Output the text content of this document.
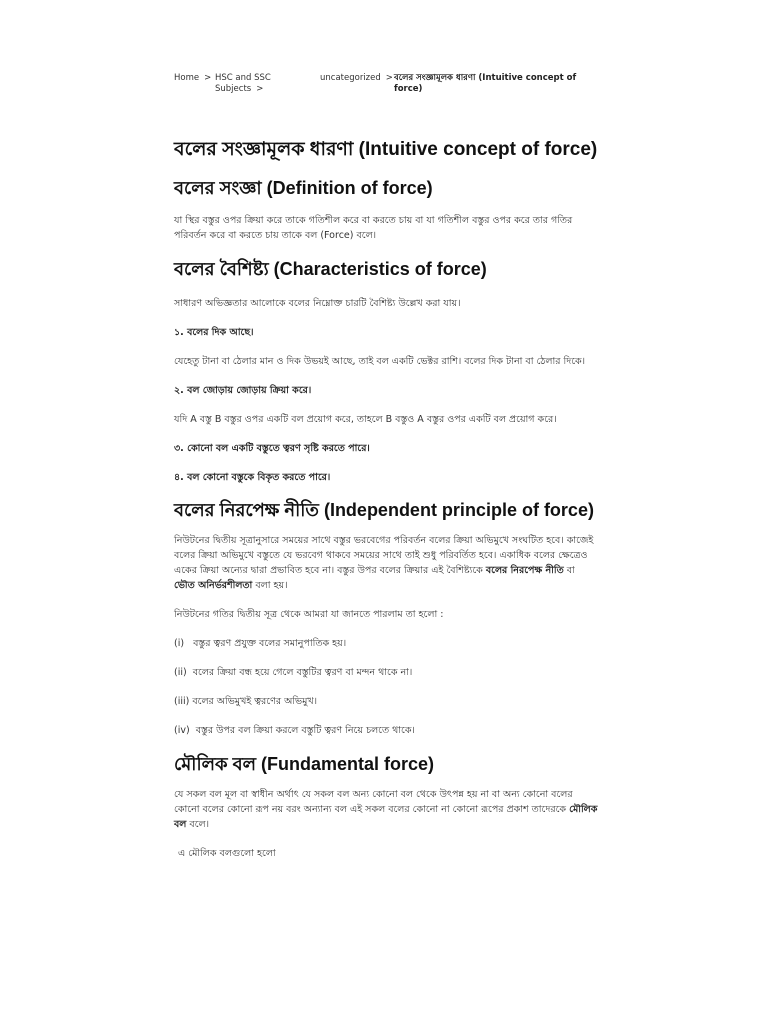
Home > HSC and SSC Subjects >
uncategorized > বলের সংজ্ঞামূলক ধারণা (Intuitive concept of force)
বলের সংজ্ঞামূলক ধারণা (Intuitive concept of force)
বলের সংজ্ঞা (Definition of force)

যা স্থির বস্তুর ওপর ক্রিয়া করে তাকে গতিশীল করে বা করতে চায় বা যা গতিশীল বস্তুর ওপর করে তার গতির পরিবর্তন করে বা করতে চায় তাকে বল (Force) বলে।

বলের বৈশিষ্ট্য (Characteristics of force)

সাধারণ অভিজ্ঞতার আলোকে বলের নিম্নোক্ত চারটি বৈশিষ্ট্য উল্লেখ করা যায়।

১. বলের দিক আছে।

যেহেতু টানা বা ঠেলার মান ও দিক উভয়ই আছে, তাই বল একটি ভেক্টর রাশি। বলের দিক টানা বা ঠেলার দিকে।

২. বল জোড়ায় জোড়ায় ক্রিয়া করে।

যদি A বস্তু B বস্তুর ওপর একটি বল প্রয়োগ করে, তাহলে B বস্তুও A বস্তুর ওপর একটি বল প্রয়োগ করে।

৩. কোনো বল একটি বস্তুতে ত্বরণ সৃষ্টি করতে পারে।

৪. বল কোনো বস্তুকে বিকৃত করতে পারে।

বলের নিরপেক্ষ নীতি (Independent principle of force)

নিউটনের দ্বিতীয় সূত্রানুসারে সময়ের সাথে বস্তুর ভরবেগের পরিবর্তন বলের ক্রিয়া অভিমুখে সংঘটিত হবে। কাজেই বলের ক্রিয়া অভিমুখে বস্তুতে যে ভরবেগ থাকবে সময়ের সাথে তাই শুধু পরিবর্তিত হবে। একাধিক বলের ক্ষেত্রেও একের ক্রিয়া অন্যের দ্বারা প্রভাবিত হবে না। বস্তুর উপর বলের ক্রিয়ার এই বৈশিষ্ট্যকে বলের নিরপেক্ষ নীতি বা ভৌত অনির্ভরশীলতা বলা হয়।

নিউটনের গতির দ্বিতীয় সূত্র থেকে আমরা যা জানতে পারলাম তা হলো :

(i)   বস্তুর ত্বরণ প্রযুক্ত বলের সমানুপাতিক হয়।

(ii)  বলের ক্রিয়া বন্ধ হয়ে গেলে বস্তুটির ত্বরণ বা মন্দন থাকে না।

(iii) বলের অভিমুখই ত্বরণের অভিমুখ।

(iv)  বস্তুর উপর বল ক্রিয়া করলে বস্তুটি ত্বরণ নিয়ে চলতে থাকে।

মৌলিক বল (Fundamental force)

যে সকল বল মূল বা স্বাধীন অর্থাৎ যে সকল বল অন্য কোনো বল থেকে উৎপন্ন হয় না বা অন্য কোনো বলের কোনো বলের কোনো রূপ নয় বরং অন্যান্য বল এই সকল বলের কোনো না কোনো রূপের প্রকাশ তাদেরকে মৌলিক বল বলে।

এ মৌলিক বলগুলো হলো
